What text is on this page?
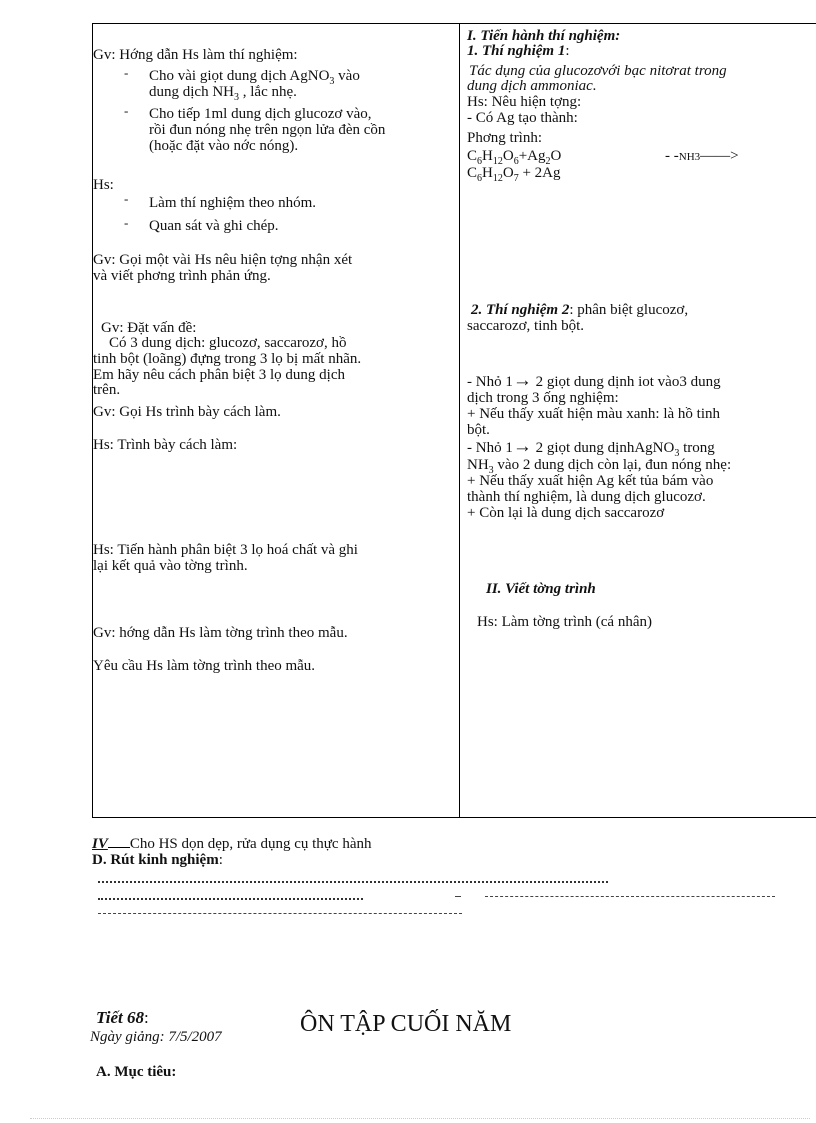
Gv: Hớng dẫn Hs làm thí nghiệm:
- Cho vài giọt dung dịch AgNO$_3$ vào
dung dịch $NH_3$ , lắc nhẹ.
- Cho tiếp 1ml dung dịch glucozơ vào,
rồi đun nóng nhẹ trên ngọn lửa đèn cồn
(hoặc đặt vào nớc nóng).
Hs:
- Làm thí nghiệm theo nhóm.
- Quan sát và ghi chép.
Gv: Gọi một vài Hs nêu hiện tợng nhận xét
và viết phơng trình phản ứng.
Gv: Đặt vấn đề:
Có 3 dung dịch: glucozơ, saccarozơ, hồ
tinh bột (loãng) đựng trong 3 lọ bị mất nhãn.
Em hãy nêu cách phân biệt 3 lọ dung dịch
trên.
Gv: Gọi Hs trình bày cách làm.
Hs: Trình bày cách làm:
Hs: Tiến hành phân biệt 3 lọ hoá chất và ghi
lại kết quả vào tờng trình.
Gv: hớng dẫn Hs làm tờng trình theo mẫu.
Yêu cầu Hs làm tờng trình theo mẫu.
I. Tiến hành thí nghiệm:
1. Thí nghiệm 1:
Tác dụng của glucozơvới bạc nitơrat trong
dung dịch ammoniac.
Hs: Nêu hiện tợng:
- Có Ag tạo thành:
Phơng trình:
$C_6H_{12}O_6+Ag_2O$	- -NH3——>
$C_6H_{12}O_7 + 2Ag$
2. Thí nghiệm 2: phân biệt glucozơ,
saccarozơ, tinh bột.
- Nhỏ 1→ 2 giọt dung dịnh iot vào3 dung
dịch trong 3 ống nghiệm:
+ Nếu thấy xuất hiện màu xanh: là hồ tinh
bột.
- Nhỏ 1→ 2 giọt dung dịnhAgNO$_3$ trong
$NH_3$ vào 2 dung dịch còn lại, đun nóng nhẹ:
+ Nếu thấy xuất hiện Ag kết tủa bám vào
thành thí nghiệm, là dung dịch glucozơ.
+ Còn lại là dung dịch saccarozơ
II. Viết tờng trình
Hs: Làm tờng trình (cá nhân)
IV Cho HS dọn dẹp, rửa dụng cụ thực hành
D. Rút kinh nghiệm:
Tiết 68:
Ngày giảng: 7/5/2007	ÔN TẬP CUỐI NĂM
A. Mục tiêu:
